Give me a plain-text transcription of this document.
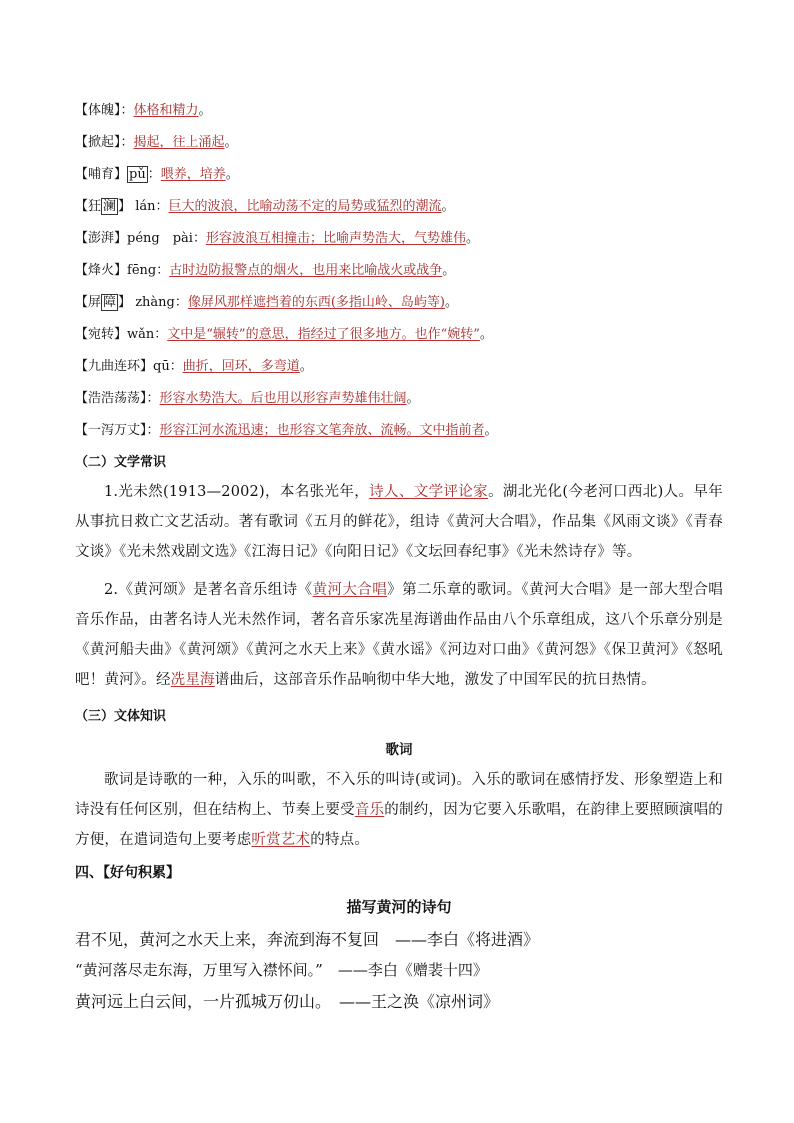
【体魄】：体格和精力。
【掀起】：揭起，往上涌起。
【哺育】 pǔ ：喂养，培养。
【狂 澜 】 lán：巨大的波浪，比喻动荡不定的局势或猛烈的潮流。
【澎湃】péng　pài：形容波浪互相撞击；比喻声势浩大，气势雄伟。
【烽火】fēng：古时边防报警点的烟火，也用来比喻战火或战争。
【屏 障 】 zhàng：像屏风那样遮挡着的东西(多指山岭、岛屿等)。
【宛转】wǎn：文中是“辗转”的意思，指经过了很多地方。也作“婉转”。
【九曲连环】qū：曲折，回环，多弯道。
【浩浩荡荡】：形容水势浩大。后也用以形容声势雄伟壮阔。
【一泻万丈】：形容江河水流迅速；也形容文笔奔放、流畅。文中指前者。
（二）文学常识
1.光未然(1913—2002)，本名张光年，诗人、文学评论家。湖北光化(今老河口西北)人。早年从事抗日救亡文艺活动。著有歌词《五月的鲜花》，组诗《黄河大合唱》，作品集《风雨文谈》《青春文谈》《光未然戏剧文选》《江海日记》《向阳日记》《文坛回春纪事》《光未然诗存》等。
2.《黄河颂》是著名音乐组诗《黄河大合唱》第二乐章的歌词。《黄河大合唱》是一部大型合唱音乐作品，由著名诗人光未然作词，著名音乐家冼星海谱曲作品由八个乐章组成，这八个乐章分别是《黄河船夫曲》《黄河颂》《黄河之水天上来》《黄水谣》《河边对口曲》《黄河怨》《保卫黄河》《怒吼吧！黄河》。经冼星海谱曲后，这部音乐作品响彻中华大地，激发了中国军民的抗日热情。
（三）文体知识
歌词
歌词是诗歌的一种，入乐的叫歌，不入乐的叫诗(或词)。入乐的歌词在感情抒发、形象塑造上和诗没有任何区别，但在结构上、节奏上要受音乐的制约，因为它要入乐歌唱，在韵律上要照顾演唱的方便，在遣词造句上要考虑听赏艺术的特点。
四、【好句积累】
描写黄河的诗句
君不见，黄河之水天上来，奔流到海不复回　——李白《将进酒》
“黄河落尽走东海，万里写入襟怀间。”　——李白《赠裴十四》
黄河远上白云间，一片孤城万仞山。　——王之涣《凉州词》
